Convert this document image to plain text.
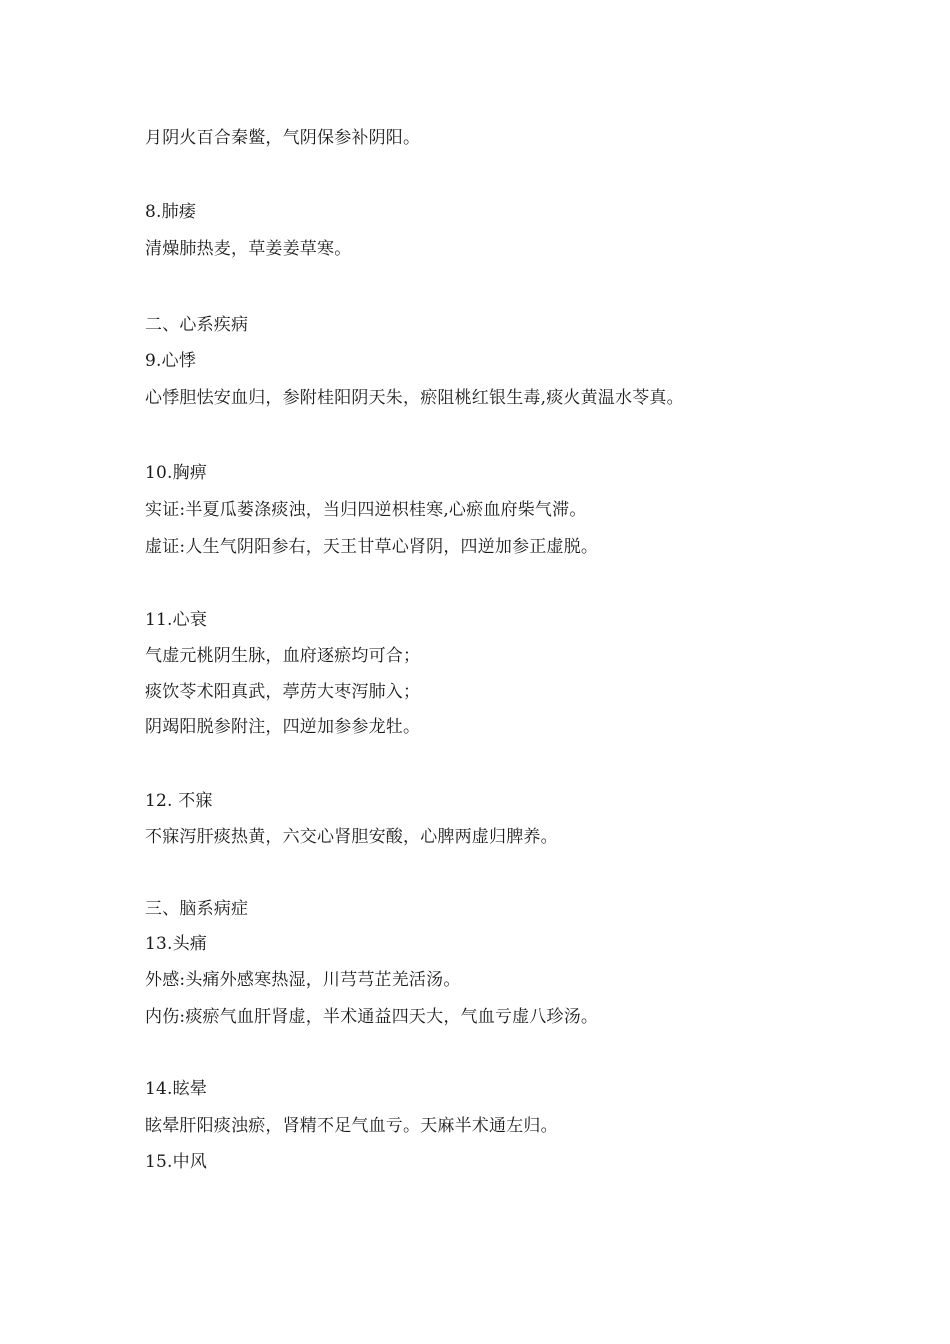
月阴火百合秦鳖，气阴保参补阴阳。
8.肺痿
清燥肺热麦，草姜姜草寒。
二、心系疾病
9.心悸
心悸胆怯安血归，参附桂阳阴天朱，瘀阻桃红银生毒,痰火黄温水苓真。
10.胸痹
实证:半夏瓜蒌涤痰浊，当归四逆枳桂寒,心瘀血府柴气滞。
虚证:人生气阴阳参右，天王甘草心肾阴，四逆加参正虚脱。
11.心衰
气虚元桃阴生脉，血府逐瘀均可合；
痰饮苓术阳真武，葶苈大枣泻肺入；
阴竭阳脱参附注，四逆加参参龙牡。
12. 不寐
不寐泻肝痰热黄，六交心肾胆安酸，心脾两虚归脾养。
三、脑系病症
13.头痛
外感:头痛外感寒热湿，川芎芎芷羌活汤。
内伤:痰瘀气血肝肾虚，半术通益四天大，气血亏虚八珍汤。
14.眩晕
眩晕肝阳痰浊瘀，肾精不足气血亏。天麻半术通左归。
15.中风
